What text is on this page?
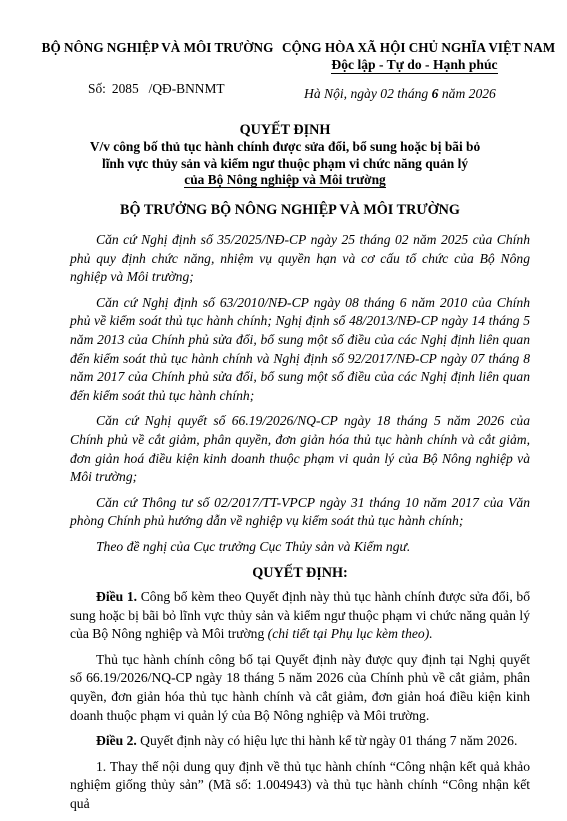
BỘ NÔNG NGHIỆP VÀ MÔI TRƯỜNG CỘNG HÒA XÃ HỘI CHỦ NGHĨA VIỆT NAM
Độc lập - Tự do - Hạnh phúc
Số: 2085 /QĐ-BNNMT	Hà Nội, ngày 02 tháng 6 năm 2026
QUYẾT ĐỊNH
V/v công bố thủ tục hành chính được sửa đổi, bổ sung hoặc bị bãi bỏ
lĩnh vực thủy sản và kiểm ngư thuộc phạm vi chức năng quản lý
của Bộ Nông nghiệp và Môi trường
BỘ TRƯỞNG BỘ NÔNG NGHIỆP VÀ MÔI TRƯỜNG

Căn cứ Nghị định số 35/2025/NĐ-CP ngày 25 tháng 02 năm 2025 của Chính phủ quy định chức năng, nhiệm vụ quyền hạn và cơ cấu tổ chức của Bộ Nông nghiệp và Môi trường;

Căn cứ Nghị định số 63/2010/NĐ-CP ngày 08 tháng 6 năm 2010 của Chính phủ về kiểm soát thủ tục hành chính; Nghị định số 48/2013/NĐ-CP ngày 14 tháng 5 năm 2013 của Chính phủ sửa đổi, bổ sung một số điều của các Nghị định liên quan đến kiểm soát thủ tục hành chính và Nghị định số 92/2017/NĐ-CP ngày 07 tháng 8 năm 2017 của Chính phủ sửa đổi, bổ sung một số điều của các Nghị định liên quan đến kiểm soát thủ tục hành chính;

Căn cứ Nghị quyết số 66.19/2026/NQ-CP ngày 18 tháng 5 năm 2026 của Chính phủ về cắt giảm, phân quyền, đơn giản hóa thủ tục hành chính và cắt giảm, đơn giản hoá điều kiện kinh doanh thuộc phạm vi quản lý của Bộ Nông nghiệp và Môi trường;

Căn cứ Thông tư số 02/2017/TT-VPCP ngày 31 tháng 10 năm 2017 của Văn phòng Chính phủ hướng dẫn về nghiệp vụ kiểm soát thủ tục hành chính;

Theo đề nghị của Cục trưởng Cục Thủy sản và Kiểm ngư.

QUYẾT ĐỊNH:

Điều 1. Công bố kèm theo Quyết định này thủ tục hành chính được sửa đổi, bổ sung hoặc bị bãi bỏ lĩnh vực thủy sản và kiểm ngư thuộc phạm vi chức năng quản lý của Bộ Nông nghiệp và Môi trường (chi tiết tại Phụ lục kèm theo).

Thủ tục hành chính công bố tại Quyết định này được quy định tại Nghị quyết số 66.19/2026/NQ-CP ngày 18 tháng 5 năm 2026 của Chính phủ về cắt giảm, phân quyền, đơn giản hóa thủ tục hành chính và cắt giảm, đơn giản hoá điều kiện kinh doanh thuộc phạm vi quản lý của Bộ Nông nghiệp và Môi trường.

Điều 2. Quyết định này có hiệu lực thi hành kể từ ngày 01 tháng 7 năm 2026.

1. Thay thế nội dung quy định về thủ tục hành chính “Công nhận kết quả khảo nghiệm giống thủy sản” (Mã số: 1.004943) và thủ tục hành chính “Công nhận kết quả
